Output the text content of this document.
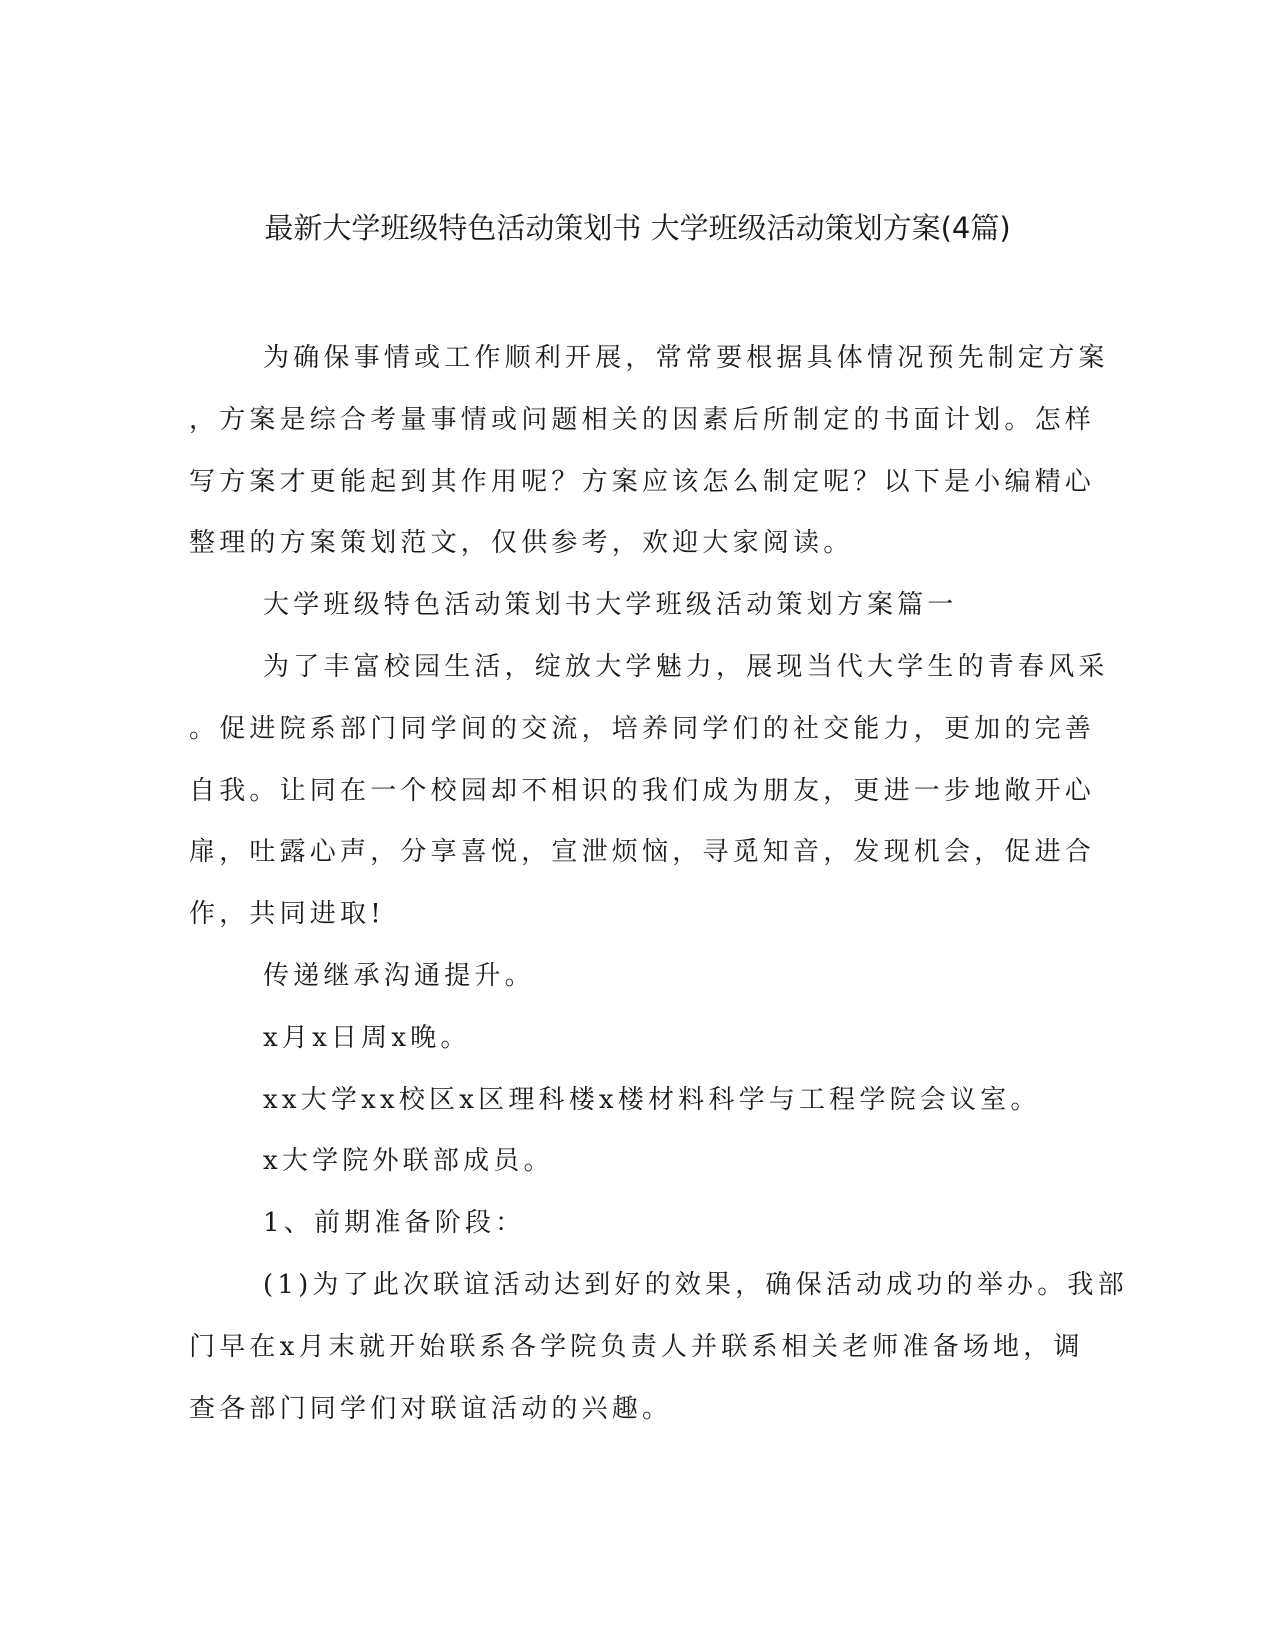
最新大学班级特色活动策划书 大学班级活动策划方案(4篇)

为确保事情或工作顺利开展，常常要根据具体情况预先制定方案
，方案是综合考量事情或问题相关的因素后所制定的书面计划。怎样
写方案才更能起到其作用呢？方案应该怎么制定呢？以下是小编精心
整理的方案策划范文，仅供参考，欢迎大家阅读。

大学班级特色活动策划书大学班级活动策划方案篇一

为了丰富校园生活，绽放大学魅力，展现当代大学生的青春风采
。促进院系部门同学间的交流，培养同学们的社交能力，更加的完善
自我。让同在一个校园却不相识的我们成为朋友，更进一步地敞开心
扉，吐露心声，分享喜悦，宣泄烦恼，寻觅知音，发现机会，促进合
作，共同进取!

传递继承沟通提升。

x月x日周x晚。

xx大学xx校区x区理科楼x楼材料科学与工程学院会议室。

x大学院外联部成员。

1、前期准备阶段：

(1)为了此次联谊活动达到好的效果，确保活动成功的举办。我部
门早在x月末就开始联系各学院负责人并联系相关老师准备场地，调
查各部门同学们对联谊活动的兴趣。
